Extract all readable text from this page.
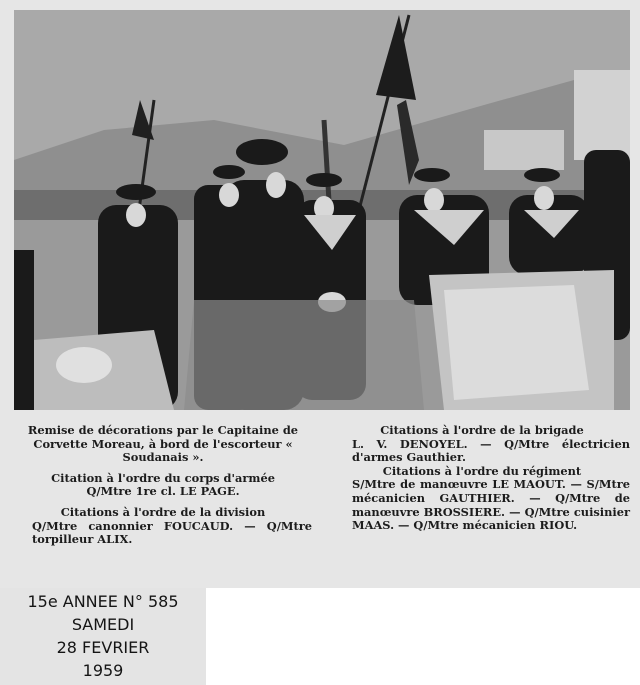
Remise de décorations par le Capitaine de Corvette Moreau, à bord de l'escorteur « Soudanais ».

Citation à l'ordre du corps d'armée

Q/Mtre 1re cl. LE PAGE.

Citations à l'ordre de la division

Q/Mtre canonnier FOUCAUD. — Q/Mtre torpilleur ALIX.

Citations à l'ordre de la brigade

L. V. DENOYEL. — Q/Mtre électricien d'armes Gauthier.

Citations à l'ordre du régiment

S/Mtre de manœuvre LE MAOUT. — S/Mtre mécanicien GAUTHIER. — Q/Mtre de manœuvre BROSSIERE. — Q/Mtre cuisinier MAAS. — Q/Mtre mécanicien RIOU.

15e ANNEE N° 585
SAMEDI
28 FEVRIER
1959
